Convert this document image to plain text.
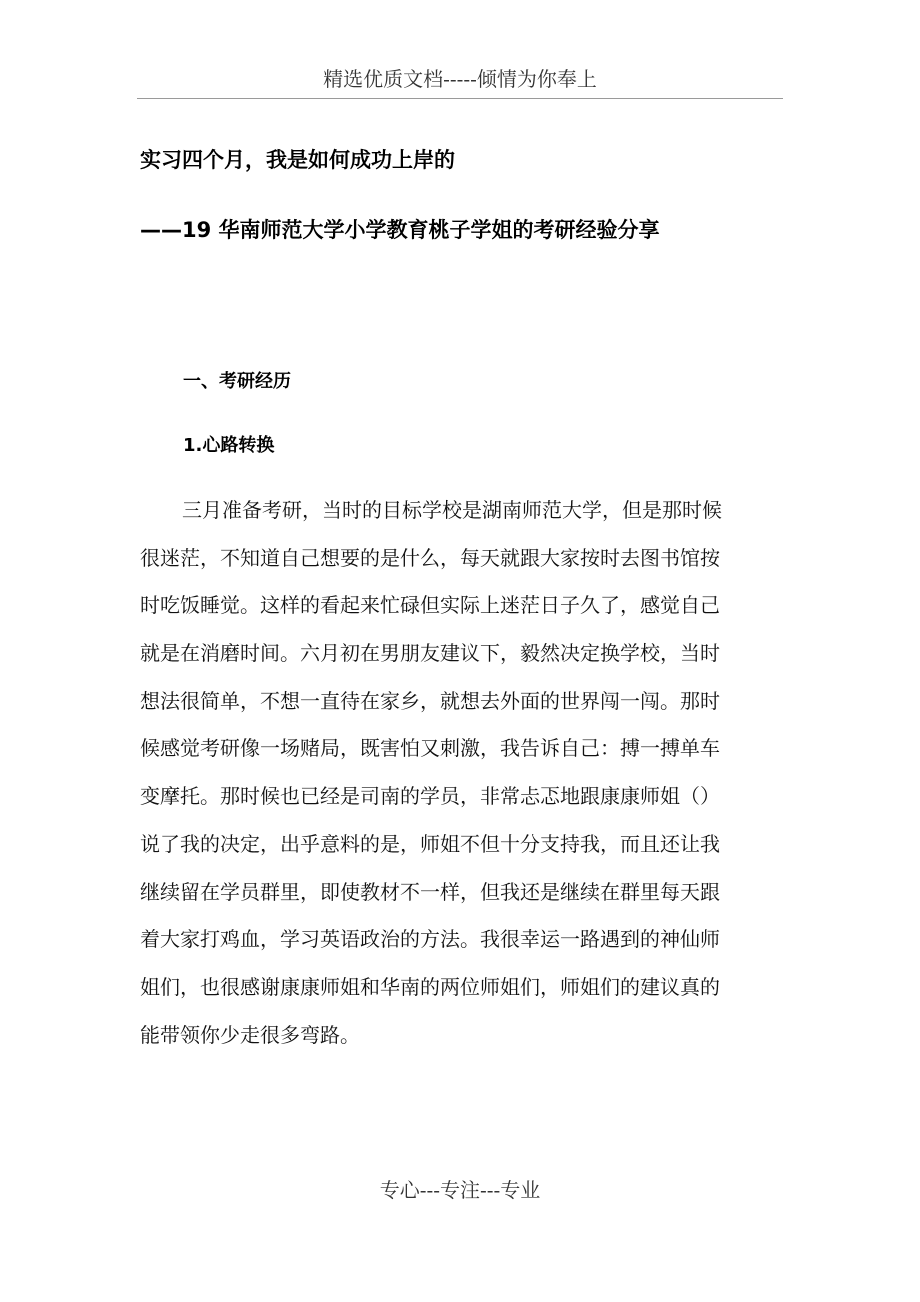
精选优质文档-----倾情为你奉上
实习四个月，我是如何成功上岸的
——19 华南师范大学小学教育桃子学姐的考研经验分享
一、考研经历
1.心路转换
三月准备考研，当时的目标学校是湖南师范大学，但是那时候
很迷茫，不知道自己想要的是什么，每天就跟大家按时去图书馆按
时吃饭睡觉。这样的看起来忙碌但实际上迷茫日子久了，感觉自己
就是在消磨时间。六月初在男朋友建议下，毅然决定换学校，当时
想法很简单，不想一直待在家乡，就想去外面的世界闯一闯。那时
候感觉考研像一场赌局，既害怕又刺激，我告诉自己：搏一搏单车
变摩托。那时候也已经是司南的学员，非常忐忑地跟康康师姐（）
说了我的决定，出乎意料的是，师姐不但十分支持我，而且还让我
继续留在学员群里，即使教材不一样，但我还是继续在群里每天跟
着大家打鸡血，学习英语政治的方法。我很幸运一路遇到的神仙师
姐们，也很感谢康康师姐和华南的两位师姐们，师姐们的建议真的
能带领你少走很多弯路。
专心---专注---专业
